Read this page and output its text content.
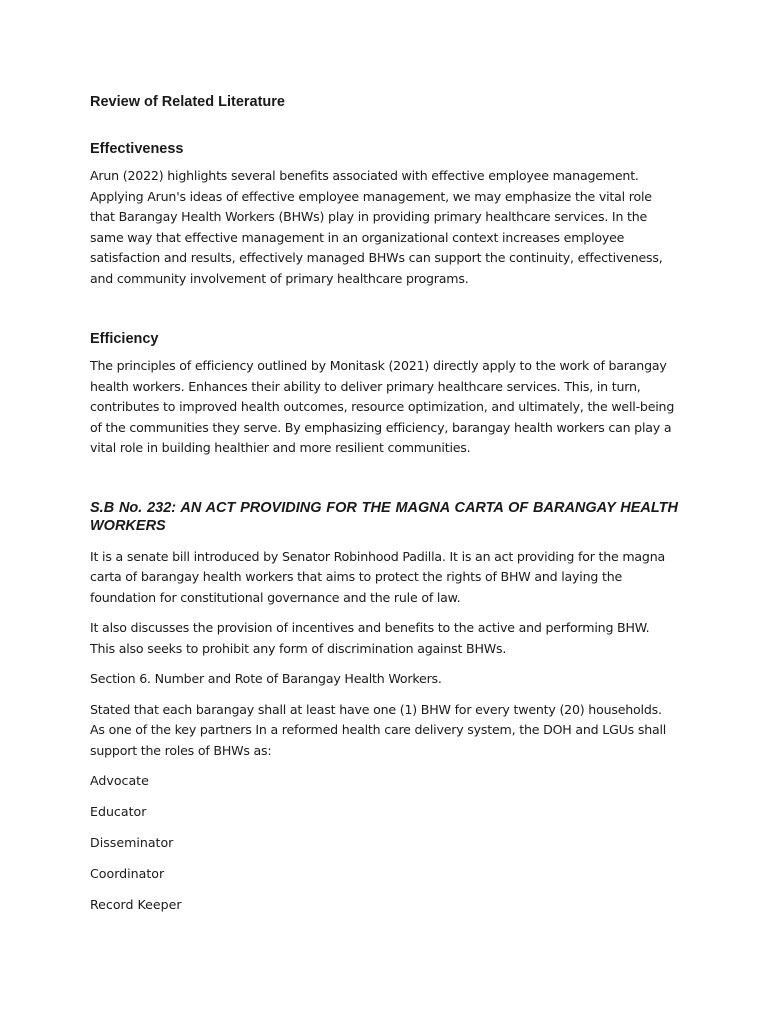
Review of Related Literature
Effectiveness

Arun (2022) highlights several benefits associated with effective employee management. Applying Arun's ideas of effective employee management, we may emphasize the vital role that Barangay Health Workers (BHWs) play in providing primary healthcare services. In the same way that effective management in an organizational context increases employee satisfaction and results, effectively managed BHWs can support the continuity, effectiveness, and community involvement of primary healthcare programs.

Efficiency

The principles of efficiency outlined by Monitask (2021) directly apply to the work of barangay health workers. Enhances their ability to deliver primary healthcare services. This, in turn, contributes to improved health outcomes, resource optimization, and ultimately, the well-being of the communities they serve. By emphasizing efficiency, barangay health workers can play a vital role in building healthier and more resilient communities.

S.B No. 232: AN ACT PROVIDING FOR THE MAGNA CARTA OF BARANGAY HEALTH WORKERS

It is a senate bill introduced by Senator Robinhood Padilla. It is an act providing for the magna carta of barangay health workers that aims to protect the rights of BHW and laying the foundation for constitutional governance and the rule of law.

It also discusses the provision of incentives and benefits to the active and performing BHW. This also seeks to prohibit any form of discrimination against BHWs.

Section 6. Number and Rote of Barangay Health Workers.

Stated that each barangay shall at least have one (1) BHW for every twenty (20) households. As one of the key partners In a reformed health care delivery system, the DOH and LGUs shall support the roles of BHWs as:

Advocate

Educator

Disseminator

Coordinator

Record Keeper
